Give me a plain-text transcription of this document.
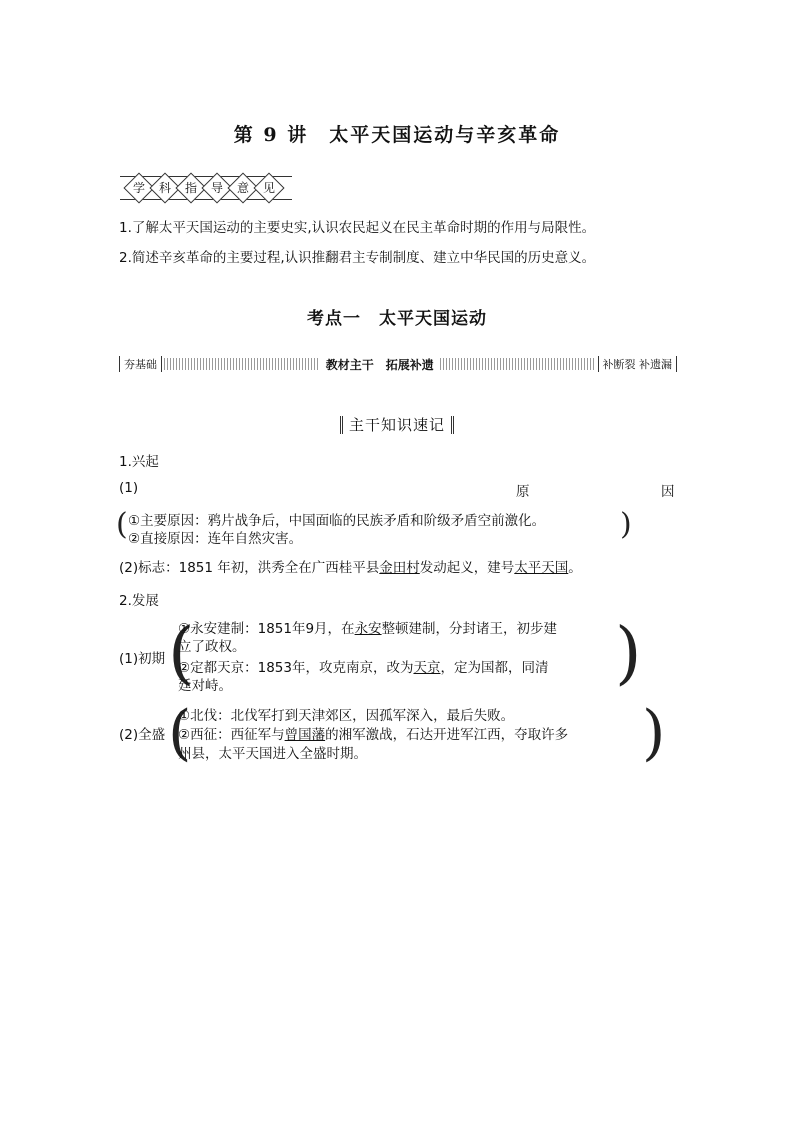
第 9 讲　太平天国运动与辛亥革命
学	科	指	导	意	见
1.了解太平天国运动的主要史实,认识农民起义在民主革命时期的作用与局限性。
2.简述辛亥革命的主要过程,认识推翻君主专制制度、建立中华民国的历史意义。
考点一　太平天国运动
夯基础	教材主干　拓展补遗	补断裂 补遗漏
主干知识速记
1.兴起
(1)	原	因
( ①主要原因：鸦片战争后，中国面临的民族矛盾和阶级矛盾空前激化。
②直接原因：连年自然灾害。	)
(2)标志：1851 年初，洪秀全在广西桂平县金田村发动起义，建号太平天国。
2.发展
(1)初期 (
①永安建制：1851年9月，在永安整顿建制，分封诸王，初步建
立了政权。
②定都天京：1853年，攻克南京，改为天京，定为国都，同清
廷对峙。	)
(2)全盛 (
①北伐：北伐军打到天津郊区，因孤军深入，最后失败。
②西征：西征军与曾国藩的湘军激战，石达开进军江西，夺取许多
州县，太平天国进入全盛时期。	)
